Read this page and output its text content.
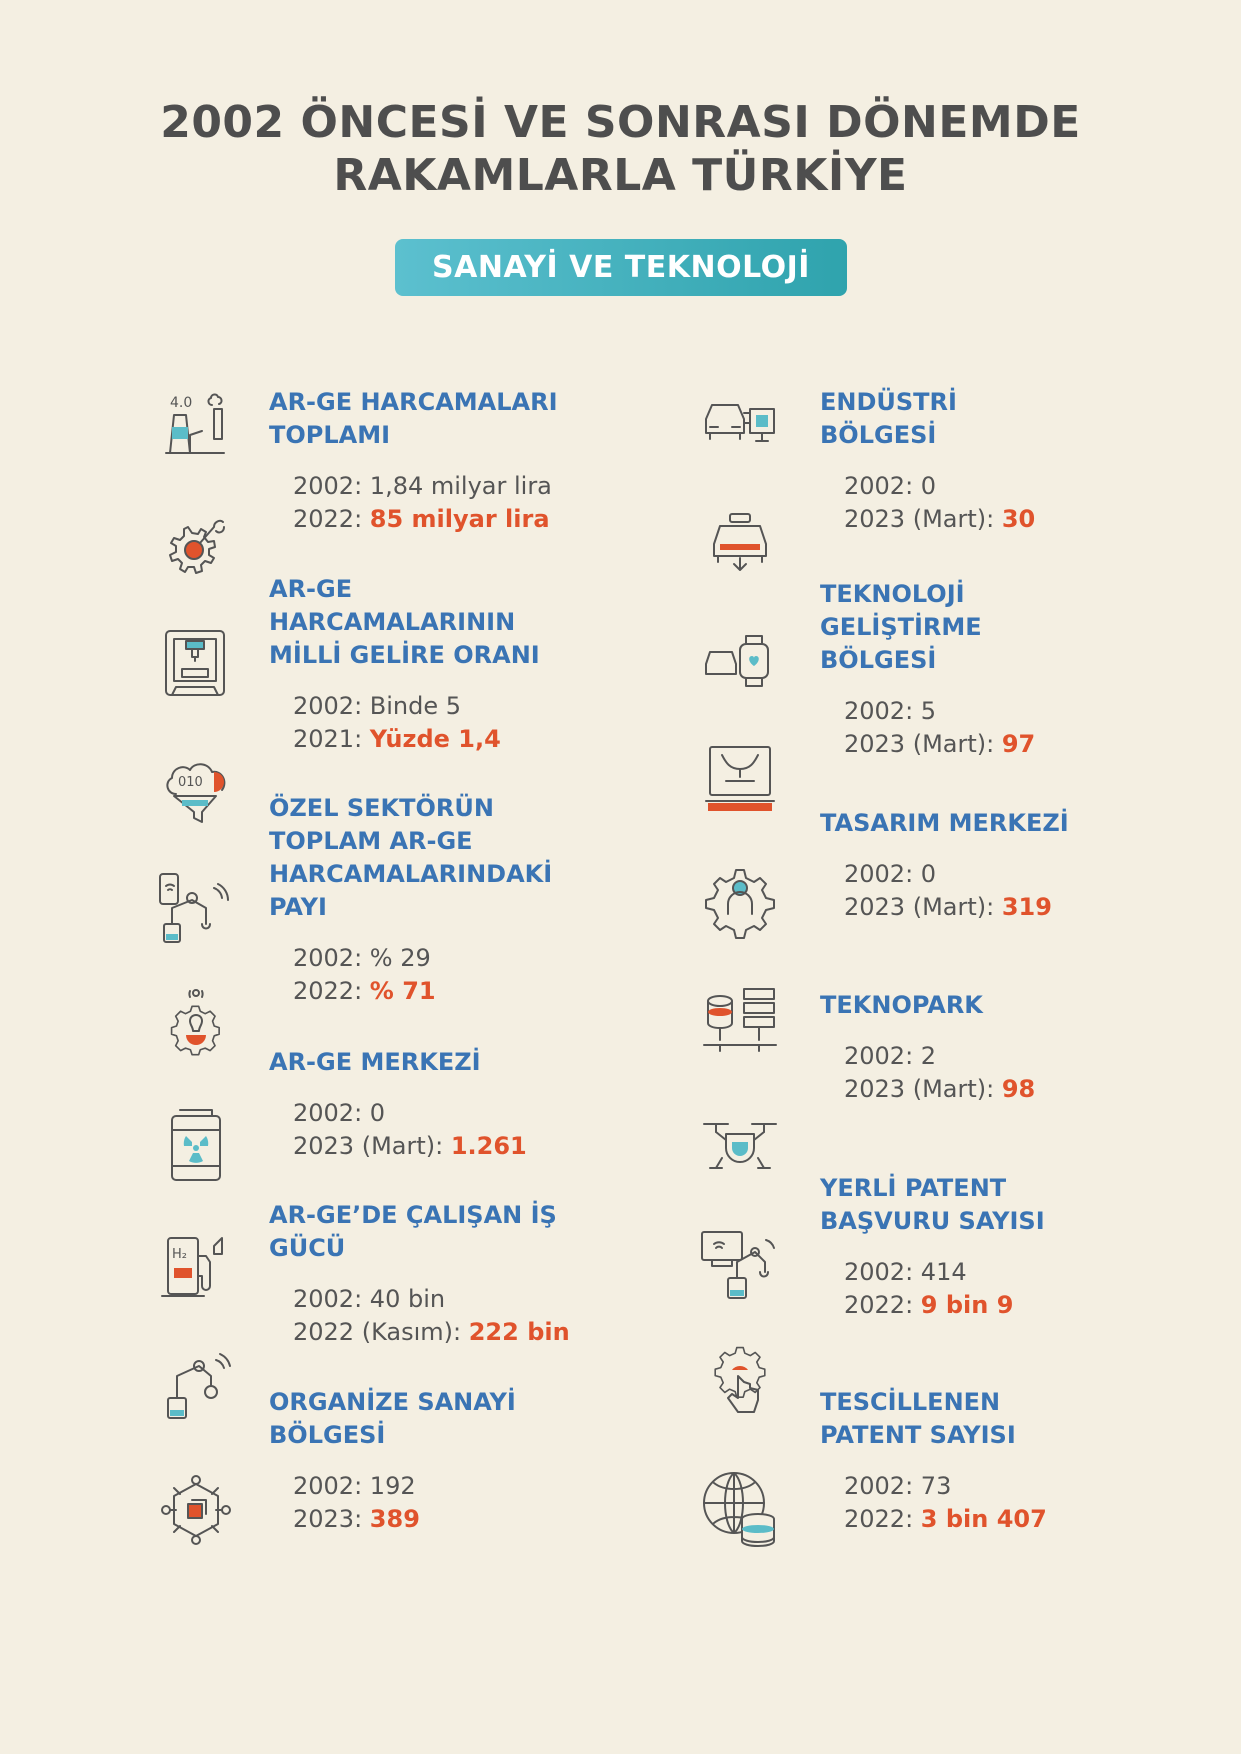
2002 ÖNCESİ VE SONRASI DÖNEMDE
RAKAMLARLA TÜRKİYE
SANAYİ VE TEKNOLOJİ
AR-GE HARCAMALARI
TOPLAMI
2002: 1,84 milyar lira
2022: 85 milyar lira
AR-GE
HARCAMALARININ
MİLLİ GELİRE ORANI
2002: Binde 5
2021: Yüzde 1,4
ÖZEL SEKTÖRÜN
TOPLAM AR-GE
HARCAMALARINDAKİ
PAYI
2002: % 29
2022: % 71
AR-GE MERKEZİ
2002: 0
2023 (Mart): 1.261
AR-GE’DE ÇALIŞAN İŞ
GÜCÜ
2002: 40 bin
2022 (Kasım): 222 bin
ORGANİZE SANAYİ
BÖLGESİ
2002: 192
2023: 389
ENDÜSTRİ
BÖLGESİ
2002: 0
2023 (Mart): 30
TEKNOLOJİ
GELİŞTİRME
BÖLGESİ
2002: 5
2023 (Mart): 97
TASARIM MERKEZİ
2002: 0
2023 (Mart): 319
TEKNOPARK
2002: 2
2023 (Mart): 98
YERLİ PATENT
BAŞVURU SAYISI
2002: 414
2022: 9 bin 9
TESCİLLENEN
PATENT SAYISI
2002: 73
2022: 3 bin 407
4.0
010
H₂
